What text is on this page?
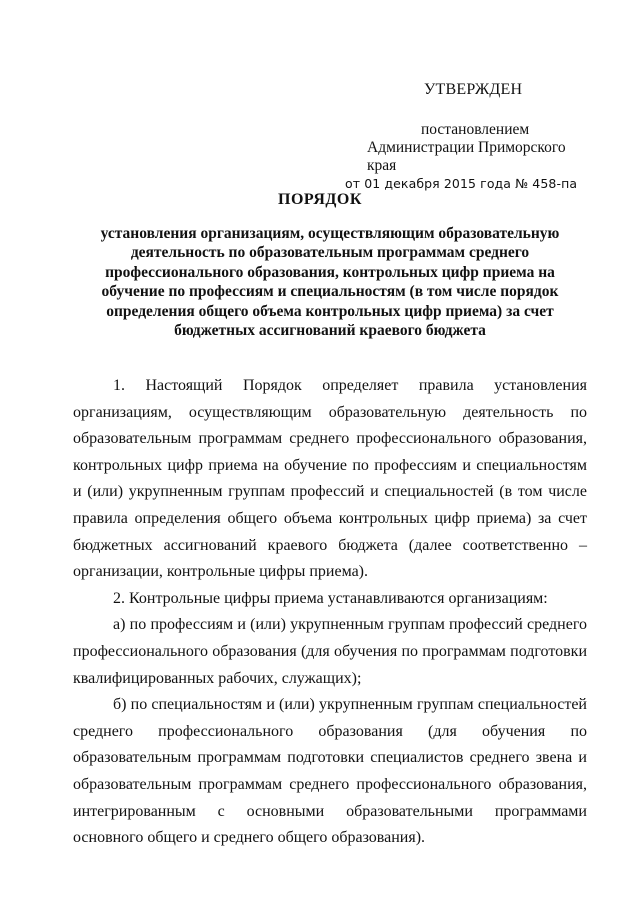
УТВЕРЖДЕН
постановлением
Администрации Приморского края
от 01 декабря 2015 года № 458-па
ПОРЯДОК
установления организациям, осуществляющим образовательную деятельность по образовательным программам среднего профессионального образования, контрольных цифр приема на обучение по профессиям и специальностям (в том числе порядок определения общего объема контрольных цифр приема) за счет бюджетных ассигнований краевого бюджета

1. Настоящий Порядок определяет правила установления организациям, осуществляющим образовательную деятельность по образовательным программам среднего профессионального образования, контрольных цифр приема на обучение по профессиям и специальностям и (или) укрупненным группам профессий и специальностей (в том числе правила определения общего объема контрольных цифр приема) за счет бюджетных ассигнований краевого бюджета (далее соответственно – организации, контрольные цифры приема).

2. Контрольные цифры приема устанавливаются организациям:

а) по профессиям и (или) укрупненным группам профессий среднего профессионального образования (для обучения по программам подготовки квалифицированных рабочих, служащих);

б) по специальностям и (или) укрупненным группам специальностей среднего профессионального образования (для обучения по образовательным программам подготовки специалистов среднего звена и образовательным программам среднего профессионального образования, интегрированным с основными образовательными программами основного общего и среднего общего образования).
